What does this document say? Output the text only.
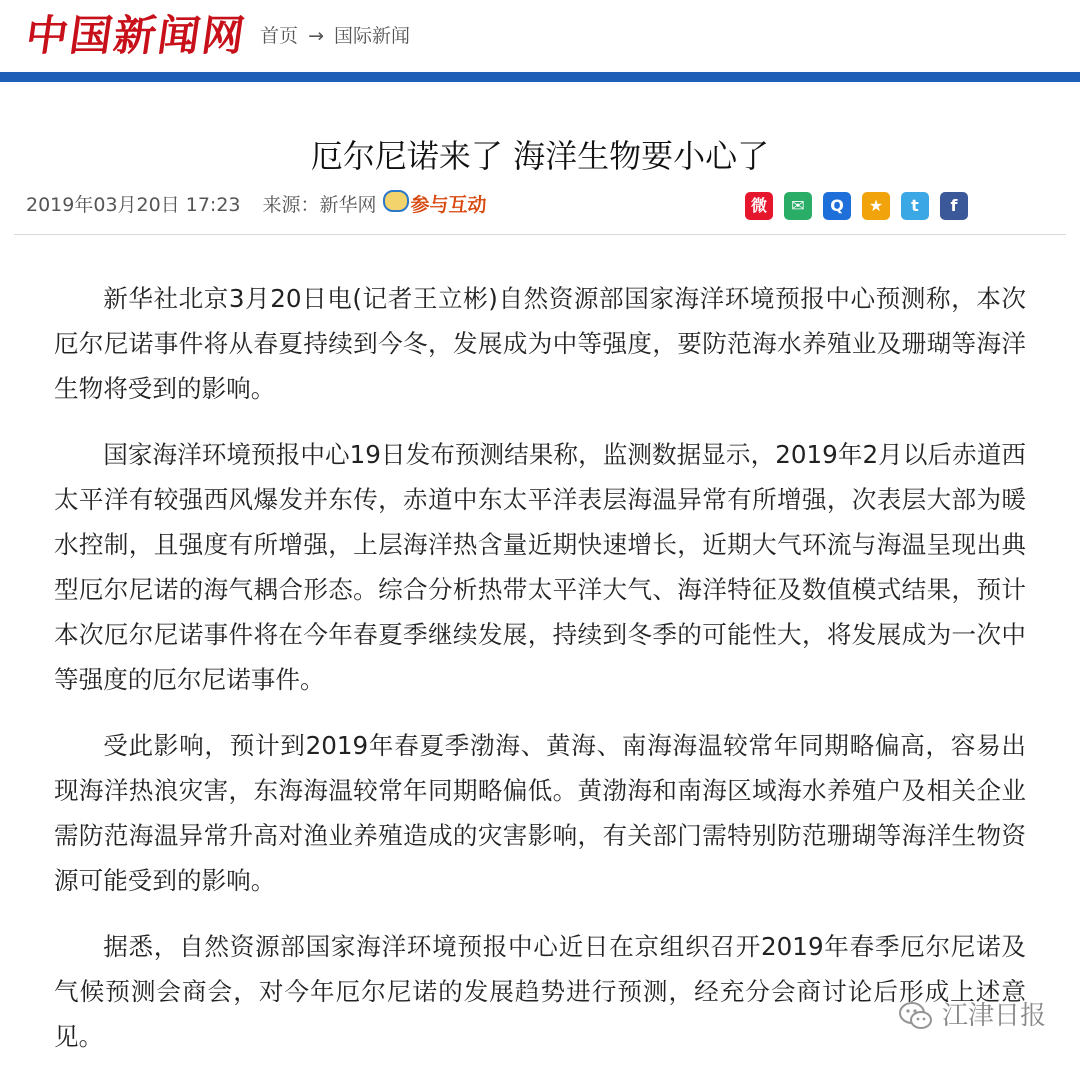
中国新闻网 首页 → 国际新闻
厄尔尼诺来了 海洋生物要小心了
2019年03月20日 17:23 来源：新华网 参与互动	微	✉	Q	★	t	f

新华社北京3月20日电(记者王立彬)自然资源部国家海洋环境预报中心预测称，本次厄尔尼诺事件将从春夏持续到今冬，发展成为中等强度，要防范海水养殖业及珊瑚等海洋生物将受到的影响。

国家海洋环境预报中心19日发布预测结果称，监测数据显示，2019年2月以后赤道西太平洋有较强西风爆发并东传，赤道中东太平洋表层海温异常有所增强，次表层大部为暖水控制，且强度有所增强，上层海洋热含量近期快速增长，近期大气环流与海温呈现出典型厄尔尼诺的海气耦合形态。综合分析热带太平洋大气、海洋特征及数值模式结果，预计本次厄尔尼诺事件将在今年春夏季继续发展，持续到冬季的可能性大，将发展成为一次中等强度的厄尔尼诺事件。

受此影响，预计到2019年春夏季渤海、黄海、南海海温较常年同期略偏高，容易出现海洋热浪灾害，东海海温较常年同期略偏低。黄渤海和南海区域海水养殖户及相关企业需防范海温异常升高对渔业养殖造成的灾害影响，有关部门需特别防范珊瑚等海洋生物资源可能受到的影响。

据悉，自然资源部国家海洋环境预报中心近日在京组织召开2019年春季厄尔尼诺及气候预测会商会，对今年厄尔尼诺的发展趋势进行预测，经充分会商讨论后形成上述意见。

江津日报
